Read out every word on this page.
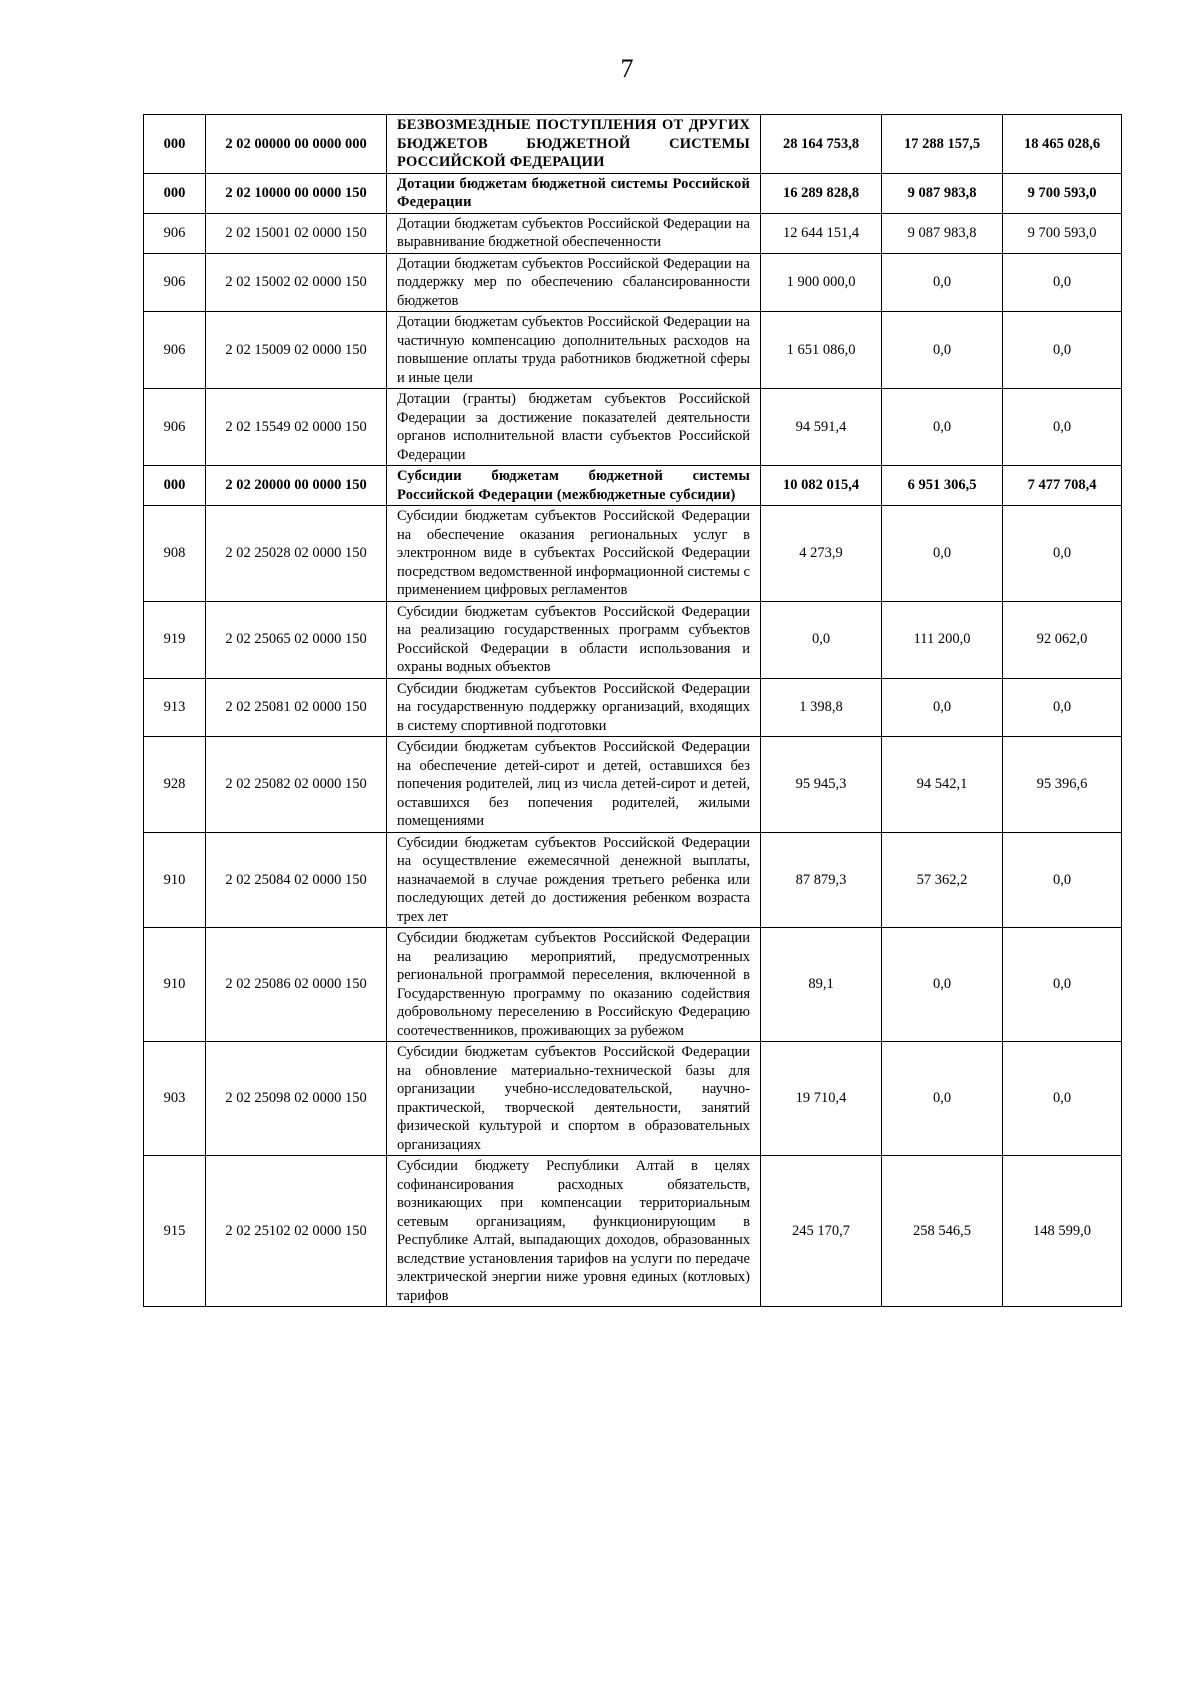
7
000	2 02 00000 00 0000 000	БЕЗВОЗМЕЗДНЫЕ ПОСТУПЛЕНИЯ ОТ ДРУГИХ БЮДЖЕТОВ БЮДЖЕТНОЙ СИСТЕМЫ РОССИЙСКОЙ ФЕДЕРАЦИИ	28 164 753,8	17 288 157,5	18 465 028,6
000	2 02 10000 00 0000 150	Дотации бюджетам бюджетной системы Российской Федерации	16 289 828,8	9 087 983,8	9 700 593,0
906	2 02 15001 02 0000 150	Дотации бюджетам субъектов Российской Федерации на выравнивание бюджетной обеспеченности	12 644 151,4	9 087 983,8	9 700 593,0
906	2 02 15002 02 0000 150	Дотации бюджетам субъектов Российской Федерации на поддержку мер по обеспечению сбалансированности бюджетов	1 900 000,0	0,0	0,0
906	2 02 15009 02 0000 150	Дотации бюджетам субъектов Российской Федерации на частичную компенсацию дополнительных расходов на повышение оплаты труда работников бюджетной сферы и иные цели	1 651 086,0	0,0	0,0
906	2 02 15549 02 0000 150	Дотации (гранты) бюджетам субъектов Российской Федерации за достижение показателей деятельности органов исполнительной власти субъектов Российской Федерации	94 591,4	0,0	0,0
000	2 02 20000 00 0000 150	Субсидии бюджетам бюджетной системы Российской Федерации (межбюджетные субсидии)	10 082 015,4	6 951 306,5	7 477 708,4
908	2 02 25028 02 0000 150	Субсидии бюджетам субъектов Российской Федерации на обеспечение оказания региональных услуг в электронном виде в субъектах Российской Федерации посредством ведомственной информационной системы с применением цифровых регламентов	4 273,9	0,0	0,0
919	2 02 25065 02 0000 150	Субсидии бюджетам субъектов Российской Федерации на реализацию государственных программ субъектов Российской Федерации в области использования и охраны водных объектов	0,0	111 200,0	92 062,0
913	2 02 25081 02 0000 150	Субсидии бюджетам субъектов Российской Федерации на государственную поддержку организаций, входящих в систему спортивной подготовки	1 398,8	0,0	0,0
928	2 02 25082 02 0000 150	Субсидии бюджетам субъектов Российской Федерации на обеспечение детей-сирот и детей, оставшихся без попечения родителей, лиц из числа детей-сирот и детей, оставшихся без попечения родителей, жилыми помещениями	95 945,3	94 542,1	95 396,6
910	2 02 25084 02 0000 150	Субсидии бюджетам субъектов Российской Федерации на осуществление ежемесячной денежной выплаты, назначаемой в случае рождения третьего ребенка или последующих детей до достижения ребенком возраста трех лет	87 879,3	57 362,2	0,0
910	2 02 25086 02 0000 150	Субсидии бюджетам субъектов Российской Федерации на реализацию мероприятий, предусмотренных региональной программой переселения, включенной в Государственную программу по оказанию содействия добровольному переселению в Российскую Федерацию соотечественников, проживающих за рубежом	89,1	0,0	0,0
903	2 02 25098 02 0000 150	Субсидии бюджетам субъектов Российской Федерации на обновление материально-технической базы для организации учебно-исследовательской, научно-практической, творческой деятельности, занятий физической культурой и спортом в образовательных организациях	19 710,4	0,0	0,0
915	2 02 25102 02 0000 150	Субсидии бюджету Республики Алтай в целях софинансирования расходных обязательств, возникающих при компенсации территориальным сетевым организациям, функционирующим в Республике Алтай, выпадающих доходов, образованных вследствие установления тарифов на услуги по передаче электрической энергии ниже уровня единых (котловых) тарифов	245 170,7	258 546,5	148 599,0
